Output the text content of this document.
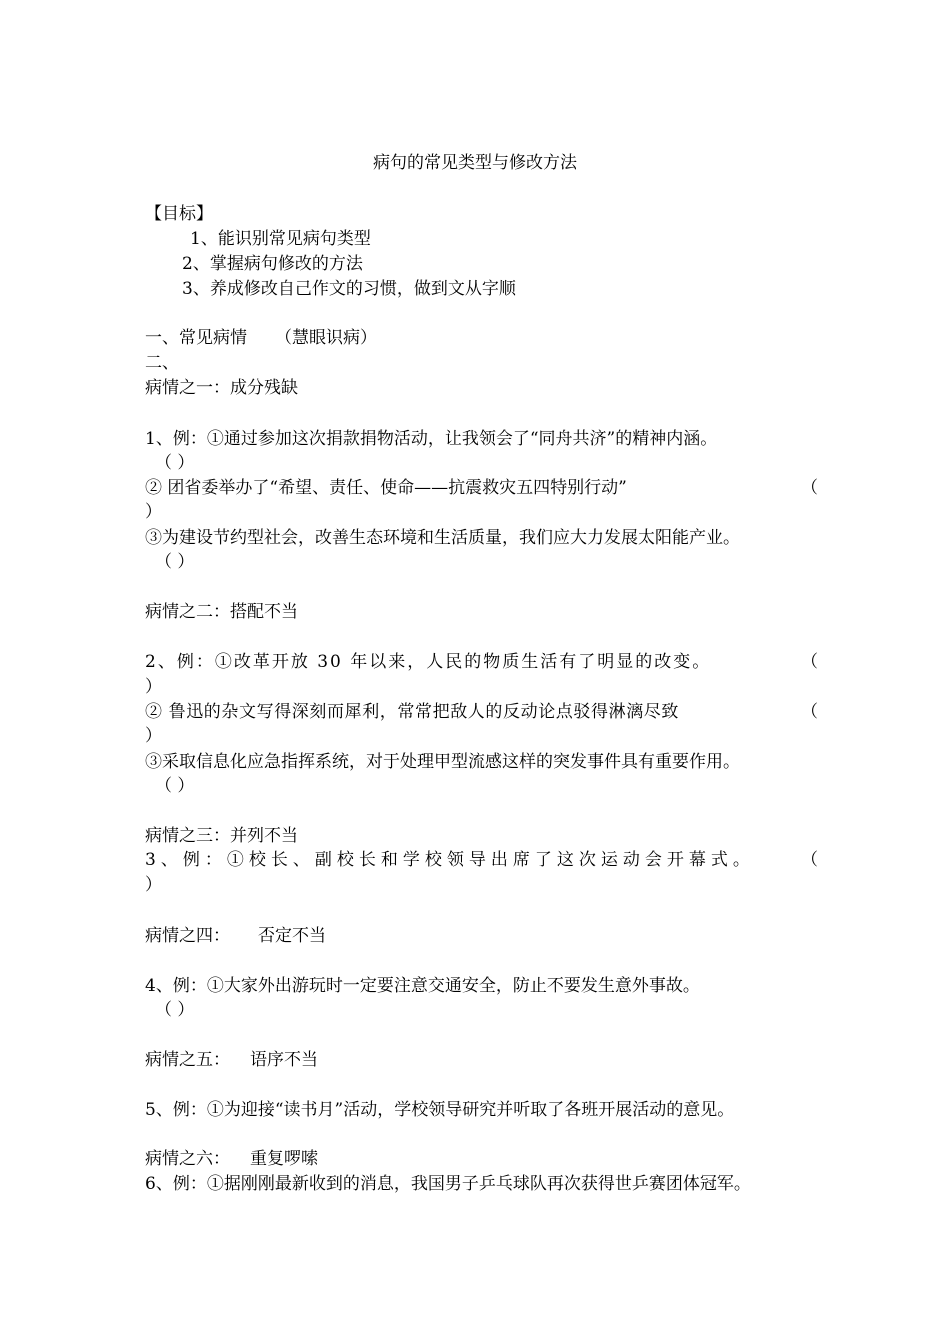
病句的常见类型与修改方法
【目标】
1、能识别常见病句类型
2、掌握病句修改的方法
3、养成修改自己作文的习惯，做到文从字顺
一、常见病情 （慧眼识病）
二、
病情之一：成分残缺
1、例：①通过参加这次捐款捐物活动，让我领会了“同舟共济”的精神内涵。
（ ）
② 团省委举办了“希望、责任、使命——抗震救灾五四特别行动”	（
）
③为建设节约型社会，改善生态环境和生活质量，我们应大力发展太阳能产业。
（ ）
病情之二：搭配不当
2、例：①改革开放 30 年以来，人民的物质生活有了明显的改变。	（
）
② 鲁迅的杂文写得深刻而犀利，常常把敌人的反动论点驳得淋漓尽致	（
）
③采取信息化应急指挥系统，对于处理甲型流感这样的突发事件具有重要作用。
（ ）
病情之三：并列不当
3、例：①校长、副校长和学校领导出席了这次运动会开幕式。	（
）
病情之四： 否定不当
4、例：①大家外出游玩时一定要注意交通安全，防止不要发生意外事故。
（ ）
病情之五： 语序不当
5、例：①为迎接“读书月”活动，学校领导研究并听取了各班开展活动的意见。
病情之六： 重复啰嗦
6、例：①据刚刚最新收到的消息，我国男子乒乓球队再次获得世乒赛团体冠军。
